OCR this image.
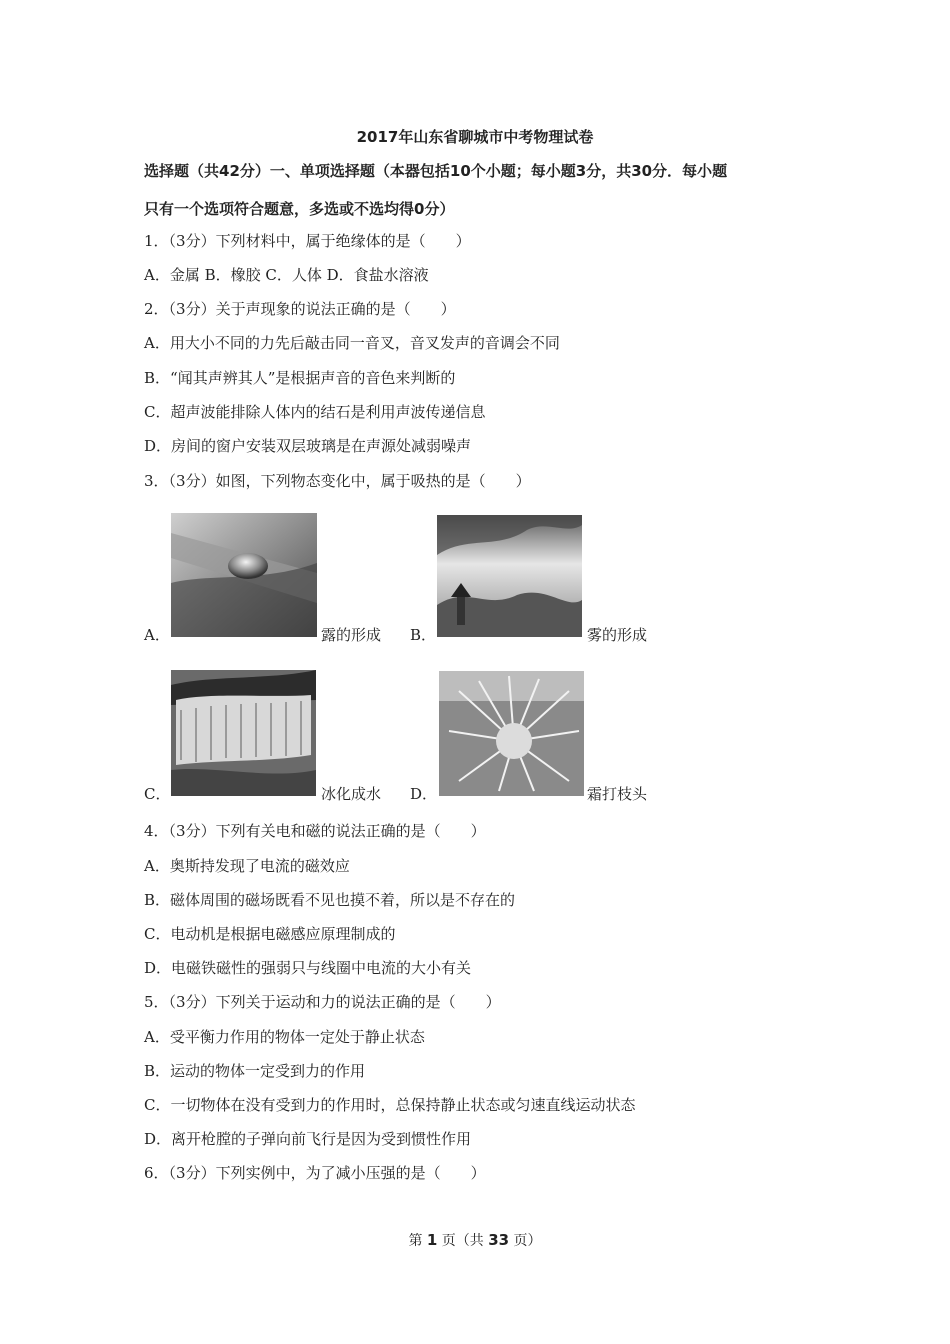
2017年山东省聊城市中考物理试卷
选择题（共42分）一、单项选择题（本器包括10个小题；每小题3分，共30分．每小题
只有一个选项符合题意，多选或不选均得0分）
1．（3分）下列材料中，属于绝缘体的是（　　）
A．金属 B．橡胶 C．人体 D．食盐水溶液
2．（3分）关于声现象的说法正确的是（　　）
A．用大小不同的力先后敲击同一音叉，音叉发声的音调会不同
B．“闻其声辨其人”是根据声音的音色来判断的
C．超声波能排除人体内的结石是利用声波传递信息
D．房间的窗户安装双层玻璃是在声源处减弱噪声
3．（3分）如图，下列物态变化中，属于吸热的是（　　）
A．	露的形成 B．	雾的形成
C．	冰化成水 D．	霜打枝头
4．（3分）下列有关电和磁的说法正确的是（　　）
A．奥斯持发现了电流的磁效应
B．磁体周围的磁场既看不见也摸不着，所以是不存在的
C．电动机是根据电磁感应原理制成的
D．电磁铁磁性的强弱只与线圈中电流的大小有关
5．（3分）下列关于运动和力的说法正确的是（　　）
A．受平衡力作用的物体一定处于静止状态
B．运动的物体一定受到力的作用
C．一切物体在没有受到力的作用时，总保持静止状态或匀速直线运动状态
D．离开枪膛的子弹向前飞行是因为受到惯性作用
6．（3分）下列实例中，为了减小压强的是（　　）
第 1 页（共 33 页）
